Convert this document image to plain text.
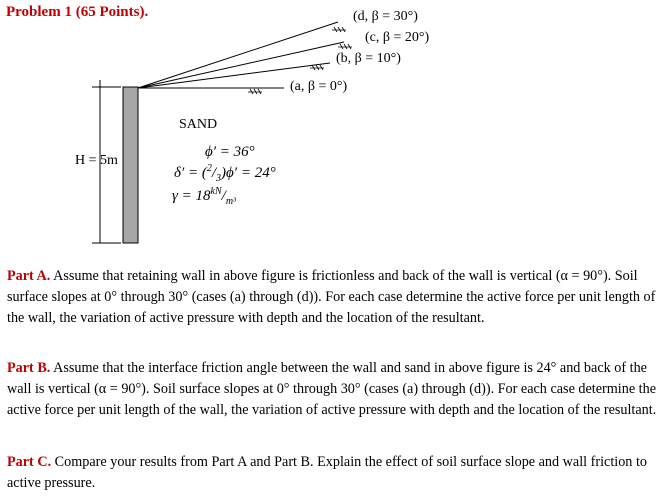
Problem 1 (65 Points).	(d, β = 30°)
(c, β = 20°)
(b, β = 10°)
(a, β = 0°)
SAND
ϕ′ = 36°
$\delta' = (^2/_3)\phi' = 24^\circ$
$\gamma = 18^{kN}/_{m^3}$
H = 5m
Part A. Assume that retaining wall in above figure is frictionless and back of the wall is vertical (α = 90°). Soil surface slopes at 0° through 30° (cases (a) through (d)). For each case determine the active force per unit length of the wall, the variation of active pressure with depth and the location of the resultant.
Part B. Assume that the interface friction angle between the wall and sand in above figure is 24° and back of the wall is vertical (α = 90°). Soil surface slopes at 0° through 30° (cases (a) through (d)). For each case determine the active force per unit length of the wall, the variation of active pressure with depth and the location of the resultant.
Part C. Compare your results from Part A and Part B. Explain the effect of soil surface slope and wall friction to active pressure.
